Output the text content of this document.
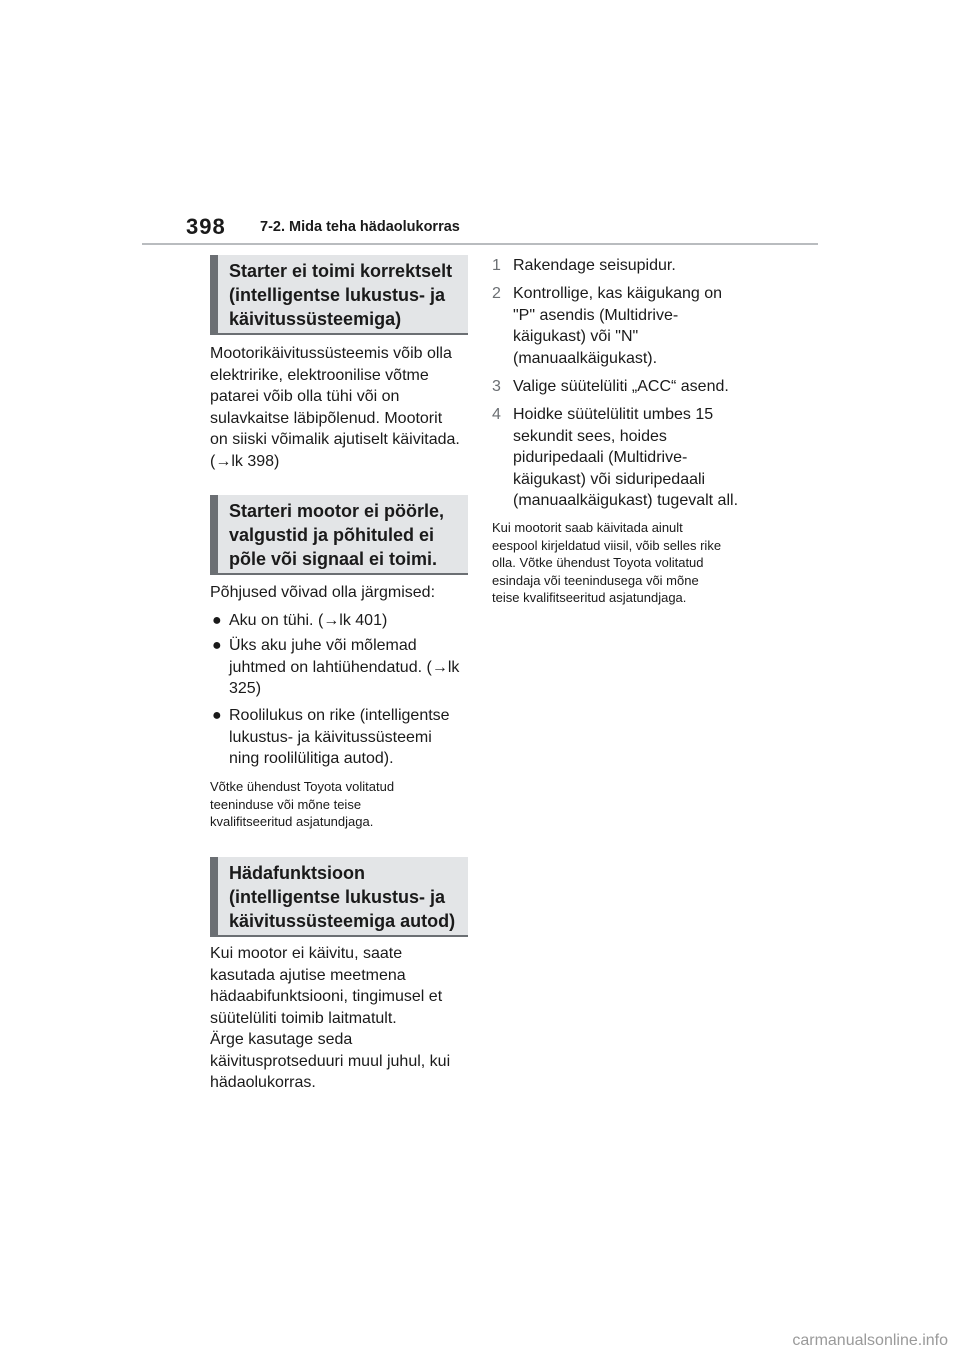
398 7-2. Mida teha hädaolukorras
Starter ei toimi korrektselt
(intelligentse lukustus- ja
käivitussüsteemiga)
Mootorikäivitussüsteemis võib olla
elektririke, elektroonilise võtme
patarei võib olla tühi või on
sulavkaitse läbipõlenud. Mootorit
on siiski võimalik ajutiselt käivitada.
(→lk 398)
Starteri mootor ei pöörle,
valgustid ja põhituled ei
põle või signaal ei toimi.
Põhjused võivad olla järgmised:
● Aku on tühi. (→lk 401)
● Üks aku juhe või mõlemad
juhtmed on lahtiühendatud. (→lk
325)
● Roolilukus on rike (intelligentse
lukustus- ja käivitussüsteemi
ning roolilülitiga autod).
Võtke ühendust Toyota volitatud
teeninduse või mõne teise
kvalifitseeritud asjatundjaga.
Hädafunktsioon
(intelligentse lukustus- ja
käivitussüsteemiga autod)
Kui mootor ei käivitu, saate
kasutada ajutise meetmena
hädaabifunktsiooni, tingimusel et
süütelüliti toimib laitmatult.
Ärge kasutage seda
käivitusprotseduuri muul juhul, kui
hädaolukorras.
1 Rakendage seisupidur.
2 Kontrollige, kas käigukang on
"P" asendis (Multidrive-
käigukast) või "N"
(manuaalkäigukast).
3 Valige süütelüliti „ACC“ asend.
4 Hoidke süütelülitit umbes 15
sekundit sees, hoides
piduripedaali (Multidrive-
käigukast) või siduripedaali
(manuaalkäigukast) tugevalt all.
Kui mootorit saab käivitada ainult
eespool kirjeldatud viisil, võib selles rike
olla. Võtke ühendust Toyota volitatud
esindaja või teenindusega või mõne
teise kvalifitseeritud asjatundjaga.
carmanualsonline.info
